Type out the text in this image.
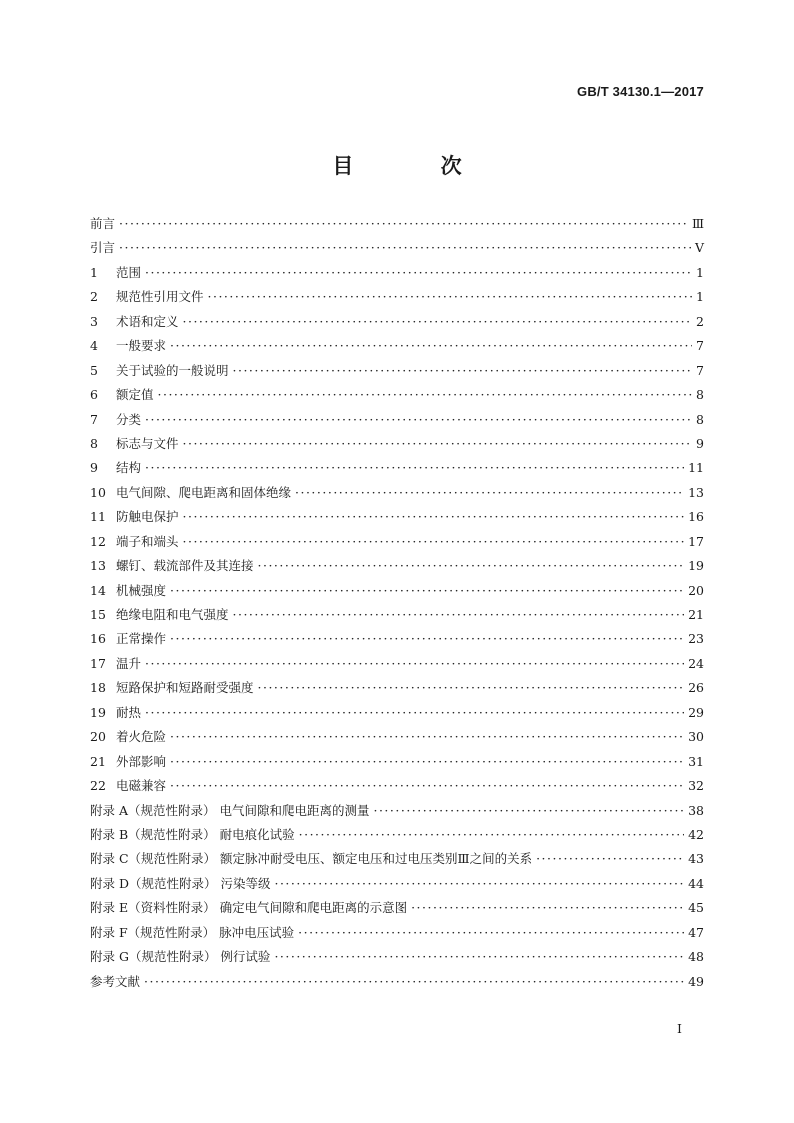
GB/T 34130.1—2017
目 次
前言 ·····	Ⅲ
引言 ·····	Ⅴ
1	范围 ·····	1
2	规范性引用文件 ·····	1
3	术语和定义 ·····	2
4	一般要求 ·····	7
5	关于试验的一般说明 ·····	7
6	额定值 ·····	8
7	分类 ·····	8
8	标志与文件 ·····	9
9	结构 ·····	11
10 电气间隙、爬电距离和固体绝缘 ·····	13
11 防触电保护 ·····	16
12 端子和端头 ·····	17
13 螺钉、载流部件及其连接 ·····	19
14 机械强度 ·····	20
15 绝缘电阻和电气强度 ·····	21
16 正常操作 ·····	23
17 温升 ·····	24
18 短路保护和短路耐受强度 ·····	26
19 耐热 ·····	29
20 着火危险 ·····	30
21 外部影响 ·····	31
22 电磁兼容 ·····	32
附录 A（规范性附录） 电气间隙和爬电距离的测量 ·····	38
附录 B（规范性附录） 耐电痕化试验 ·····	42
附录 C（规范性附录） 额定脉冲耐受电压、额定电压和过电压类别Ⅲ之间的关系 ·····	43
附录 D（规范性附录） 污染等级 ·····	44
附录 E（资料性附录） 确定电气间隙和爬电距离的示意图 ·····	45
附录 F（规范性附录） 脉冲电压试验 ·····	47
附录 G（规范性附录） 例行试验 ·····	48
参考文献 ·····	49
Ⅰ
